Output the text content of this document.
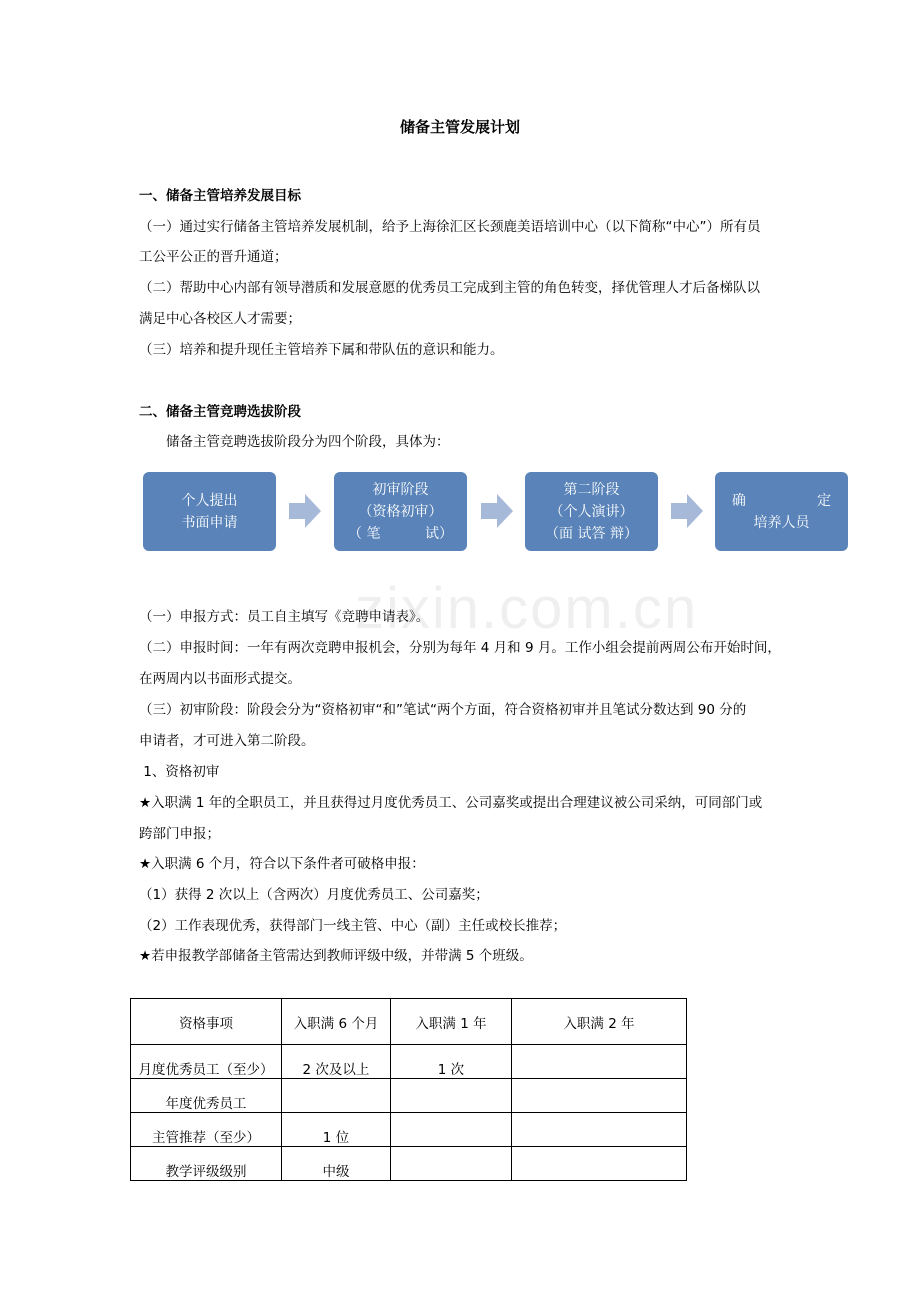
储备主管发展计划
一、储备主管培养发展目标
（一）通过实行储备主管培养发展机制，给予上海徐汇区长颈鹿美语培训中心（以下简称“中心”）所有员
工公平公正的晋升通道；
（二）帮助中心内部有领导潜质和发展意愿的优秀员工完成到主管的角色转变，择优管理人才后备梯队以
满足中心各校区人才需要；
（三）培养和提升现任主管培养下属和带队伍的意识和能力。
二、储备主管竞聘选拔阶段
储备主管竞聘选拔阶段分为四个阶段，具体为：
个人提出
书面申请
初审阶段
（资格初审）
（ 笔          试）
第二阶段
（个人演讲）
（面 试答 辩）
确                定
培养人员
zixin.com.cn
（一）申报方式：员工自主填写《竞聘申请表》。
（二）申报时间：一年有两次竞聘申报机会，分别为每年 4 月和 9 月。工作小组会提前两周公布开始时间，
在两周内以书面形式提交。
（三）初审阶段：阶段会分为“资格初审“和”笔试“两个方面，符合资格初审并且笔试分数达到 90 分的
申请者，才可进入第二阶段。
1、资格初审
★入职满 1 年的全职员工，并且获得过月度优秀员工、公司嘉奖或提出合理建议被公司采纳，可同部门或
跨部门申报；
★入职满 6 个月，符合以下条件者可破格申报：
（1）获得 2 次以上（含两次）月度优秀员工、公司嘉奖；
（2）工作表现优秀，获得部门一线主管、中心（副）主任或校长推荐；
★若申报教学部储备主管需达到教师评级中级，并带满 5 个班级。
资格事项	入职满 6 个月	入职满 1 年	入职满 2 年
月度优秀员工（至少）	2 次及以上	1 次	
年度优秀员工			
主管推荐（至少）	1 位		
教学评级级别	中级		
